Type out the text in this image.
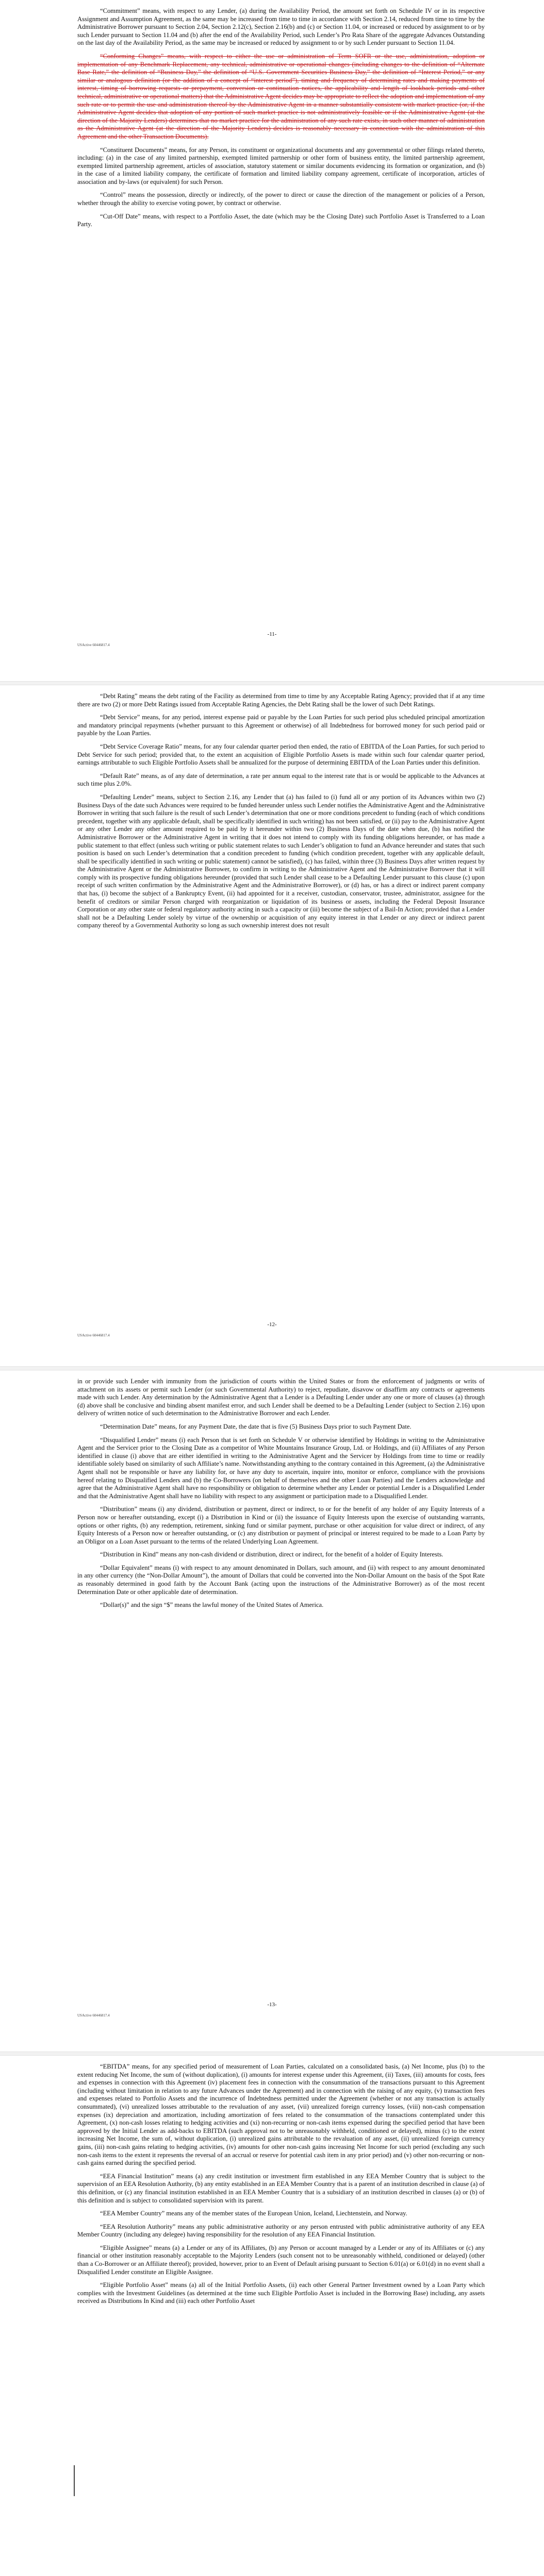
“Commitment” means, with respect to any Lender, (a) during the Availability Period, the amount set forth on Schedule IV or in its respective Assignment and Assumption Agreement, as the same may be increased from time to time in accordance with Section 2.14, reduced from time to time by the Administrative Borrower pursuant to Section 2.04, Section 2.12(c), Section 2.16(b) and (c) or Section 11.04, or increased or reduced by assignment to or by such Lender pursuant to Section 11.04 and (b) after the end of the Availability Period, such Lender’s Pro Rata Share of the aggregate Advances Outstanding on the last day of the Availability Period, as the same may be increased or reduced by assignment to or by such Lender pursuant to Section 11.04.

“Conforming Changes” means, with respect to either the use or administration of Term SOFR or the use, administration, adoption or implementation of any Benchmark Replacement, any technical, administrative or operational changes (including changes to the definition of “Alternate Base Rate,” the definition of “Business Day,” the definition of “U.S. Government Securities Business Day,” the definition of “Interest Period,” or any similar or analogous definition (or the addition of a concept of “interest period”), timing and frequency of determining rates and making payments of interest, timing of borrowing requests or prepayment, conversion or continuation notices, the applicability and length of lookback periods and other technical, administrative or operational matters) that the Administrative Agent decides may be appropriate to reflect the adoption and implementation of any such rate or to permit the use and administration thereof by the Administrative Agent in a manner substantially consistent with market practice (or, if the Administrative Agent decides that adoption of any portion of such market practice is not administratively feasible or if the Administrative Agent (at the direction of the Majority Lenders) determines that no market practice for the administration of any such rate exists, in such other manner of administration as the Administrative Agent (at the direction of the Majority Lenders) decides is reasonably necessary in connection with the administration of this Agreement and the other Transaction Documents).

“Constituent Documents” means, for any Person, its constituent or organizational documents and any governmental or other filings related thereto, including: (a) in the case of any limited partnership, exempted limited partnership or other form of business entity, the limited partnership agreement, exempted limited partnership agreement, articles of association, statutory statement or similar documents evidencing its formation or organization, and (b) in the case of a limited liability company, the certificate of formation and limited liability company agreement, certificate of incorporation, articles of association and by-laws (or equivalent) for such Person.

“Control” means the possession, directly or indirectly, of the power to direct or cause the direction of the management or policies of a Person, whether through the ability to exercise voting power, by contract or otherwise.

“Cut-Off Date” means, with respect to a Portfolio Asset, the date (which may be the Closing Date) such Portfolio Asset is Transferred to a Loan Party.

-11-
USActive 60446817.4

“Debt Rating” means the debt rating of the Facility as determined from time to time by any Acceptable Rating Agency; provided that if at any time there are two (2) or more Debt Ratings issued from Acceptable Rating Agencies, the Debt Rating shall be the lower of such Debt Ratings.

“Debt Service” means, for any period, interest expense paid or payable by the Loan Parties for such period plus scheduled principal amortization and mandatory principal repayments (whether pursuant to this Agreement or otherwise) of all Indebtedness for borrowed money for such period paid or payable by the Loan Parties.

“Debt Service Coverage Ratio” means, for any four calendar quarter period then ended, the ratio of EBITDA of the Loan Parties, for such period to Debt Service for such period; provided that, to the extent an acquisition of Eligible Portfolio Assets is made within such four calendar quarter period, earnings attributable to such Eligible Portfolio Assets shall be annualized for the purpose of determining EBITDA of the Loan Parties under this definition.

“Default Rate” means, as of any date of determination, a rate per annum equal to the interest rate that is or would be applicable to the Advances at such time plus 2.0%.

“Defaulting Lender” means, subject to Section 2.16, any Lender that (a) has failed to (i) fund all or any portion of its Advances within two (2) Business Days of the date such Advances were required to be funded hereunder unless such Lender notifies the Administrative Agent and the Administrative Borrower in writing that such failure is the result of such Lender’s determination that one or more conditions precedent to funding (each of which conditions precedent, together with any applicable default, shall be specifically identified in such writing) has not been satisfied, or (ii) pay to the Administrative Agent or any other Lender any other amount required to be paid by it hereunder within two (2) Business Days of the date when due, (b) has notified the Administrative Borrower or the Administrative Agent in writing that it does not intend to comply with its funding obligations hereunder, or has made a public statement to that effect (unless such writing or public statement relates to such Lender’s obligation to fund an Advance hereunder and states that such position is based on such Lender’s determination that a condition precedent to funding (which condition precedent, together with any applicable default, shall be specifically identified in such writing or public statement) cannot be satisfied), (c) has failed, within three (3) Business Days after written request by the Administrative Agent or the Administrative Borrower, to confirm in writing to the Administrative Agent and the Administrative Borrower that it will comply with its prospective funding obligations hereunder (provided that such Lender shall cease to be a Defaulting Lender pursuant to this clause (c) upon receipt of such written confirmation by the Administrative Agent and the Administrative Borrower), or (d) has, or has a direct or indirect parent company that has, (i) become the subject of a Bankruptcy Event, (ii) had appointed for it a receiver, custodian, conservator, trustee, administrator, assignee for the benefit of creditors or similar Person charged with reorganization or liquidation of its business or assets, including the Federal Deposit Insurance Corporation or any other state or federal regulatory authority acting in such a capacity or (iii) become the subject of a Bail-In Action; provided that a Lender shall not be a Defaulting Lender solely by virtue of the ownership or acquisition of any equity interest in that Lender or any direct or indirect parent company thereof by a Governmental Authority so long as such ownership interest does not result

-12-
USActive 60446817.4

in or provide such Lender with immunity from the jurisdiction of courts within the United States or from the enforcement of judgments or writs of attachment on its assets or permit such Lender (or such Governmental Authority) to reject, repudiate, disavow or disaffirm any contracts or agreements made with such Lender. Any determination by the Administrative Agent that a Lender is a Defaulting Lender under any one or more of clauses (a) through (d) above shall be conclusive and binding absent manifest error, and such Lender shall be deemed to be a Defaulting Lender (subject to Section 2.16) upon delivery of written notice of such determination to the Administrative Borrower and each Lender.

“Determination Date” means, for any Payment Date, the date that is five (5) Business Days prior to such Payment Date.

“Disqualified Lender” means (i) each Person that is set forth on Schedule V or otherwise identified by Holdings in writing to the Administrative Agent and the Servicer prior to the Closing Date as a competitor of White Mountains Insurance Group, Ltd. or Holdings, and (ii) Affiliates of any Person identified in clause (i) above that are either identified in writing to the Administrative Agent and the Servicer by Holdings from time to time or readily identifiable solely based on similarity of such Affiliate’s name. Notwithstanding anything to the contrary contained in this Agreement, (a) the Administrative Agent shall not be responsible or have any liability for, or have any duty to ascertain, inquire into, monitor or enforce, compliance with the provisions hereof relating to Disqualified Lenders and (b) the Co-Borrowers (on behalf of themselves and the other Loan Parties) and the Lenders acknowledge and agree that the Administrative Agent shall have no responsibility or obligation to determine whether any Lender or potential Lender is a Disqualified Lender and that the Administrative Agent shall have no liability with respect to any assignment or participation made to a Disqualified Lender.

“Distribution” means (i) any dividend, distribution or payment, direct or indirect, to or for the benefit of any holder of any Equity Interests of a Person now or hereafter outstanding, except (i) a Distribution in Kind or (ii) the issuance of Equity Interests upon the exercise of outstanding warrants, options or other rights, (b) any redemption, retirement, sinking fund or similar payment, purchase or other acquisition for value direct or indirect, of any Equity Interests of a Person now or hereafter outstanding, or (c) any distribution or payment of principal or interest required to be made to a Loan Party by an Obligor on a Loan Asset pursuant to the terms of the related Underlying Loan Agreement.

“Distribution in Kind” means any non-cash dividend or distribution, direct or indirect, for the benefit of a holder of Equity Interests.

“Dollar Equivalent” means (i) with respect to any amount denominated in Dollars, such amount, and (ii) with respect to any amount denominated in any other currency (the “Non-Dollar Amount”), the amount of Dollars that could be converted into the Non-Dollar Amount on the basis of the Spot Rate as reasonably determined in good faith by the Account Bank (acting upon the instructions of the Administrative Borrower) as of the most recent Determination Date or other applicable date of determination.

“Dollar(s)” and the sign “$” means the lawful money of the United States of America.

-13-
USActive 60446817.4

“EBITDA” means, for any specified period of measurement of Loan Parties, calculated on a consolidated basis, (a) Net Income, plus (b) to the extent reducing Net Income, the sum of (without duplication), (i) amounts for interest expense under this Agreement, (ii) Taxes, (iii) amounts for costs, fees and expenses in connection with this Agreement (iv) placement fees in connection with the consummation of the transactions pursuant to this Agreement (including without limitation in relation to any future Advances under the Agreement) and in connection with the raising of any equity, (v) transaction fees and expenses related to Portfolio Assets and the incurrence of Indebtedness permitted under the Agreement (whether or not any transaction is actually consummated), (vi) unrealized losses attributable to the revaluation of any asset, (vii) unrealized foreign currency losses, (viii) non-cash compensation expenses (ix) depreciation and amortization, including amortization of fees related to the consummation of the transactions contemplated under this Agreement, (x) non-cash losses relating to hedging activities and (xi) non-recurring or non-cash items expensed during the specified period that have been approved by the Initial Lender as add-backs to EBITDA (such approval not to be unreasonably withheld, conditioned or delayed), minus (c) to the extent increasing Net Income, the sum of, without duplication, (i) unrealized gains attributable to the revaluation of any asset, (ii) unrealized foreign currency gains, (iii) non-cash gains relating to hedging activities, (iv) amounts for other non-cash gains increasing Net Income for such period (excluding any such non-cash items to the extent it represents the reversal of an accrual or reserve for potential cash item in any prior period) and (v) other non-recurring or non-cash gains earned during the specified period.

“EEA Financial Institution” means (a) any credit institution or investment firm established in any EEA Member Country that is subject to the supervision of an EEA Resolution Authority, (b) any entity established in an EEA Member Country that is a parent of an institution described in clause (a) of this definition, or (c) any financial institution established in an EEA Member Country that is a subsidiary of an institution described in clauses (a) or (b) of this definition and is subject to consolidated supervision with its parent.

“EEA Member Country” means any of the member states of the European Union, Iceland, Liechtenstein, and Norway.

“EEA Resolution Authority” means any public administrative authority or any person entrusted with public administrative authority of any EEA Member Country (including any delegee) having responsibility for the resolution of any EEA Financial Institution.

“Eligible Assignee” means (a) a Lender or any of its Affiliates, (b) any Person or account managed by a Lender or any of its Affiliates or (c) any financial or other institution reasonably acceptable to the Majority Lenders (such consent not to be unreasonably withheld, conditioned or delayed) (other than a Co-Borrower or an Affiliate thereof); provided, however, prior to an Event of Default arising pursuant to Section 6.01(a) or 6.01(d) in no event shall a Disqualified Lender constitute an Eligible Assignee.

“Eligible Portfolio Asset” means (a) all of the Initial Portfolio Assets, (ii) each other General Partner Investment owned by a Loan Party which complies with the Investment Guidelines (as determined at the time such Eligible Portfolio Asset is included in the Borrowing Base) including, any assets received as Distributions In Kind and (iii) each other Portfolio Asset
